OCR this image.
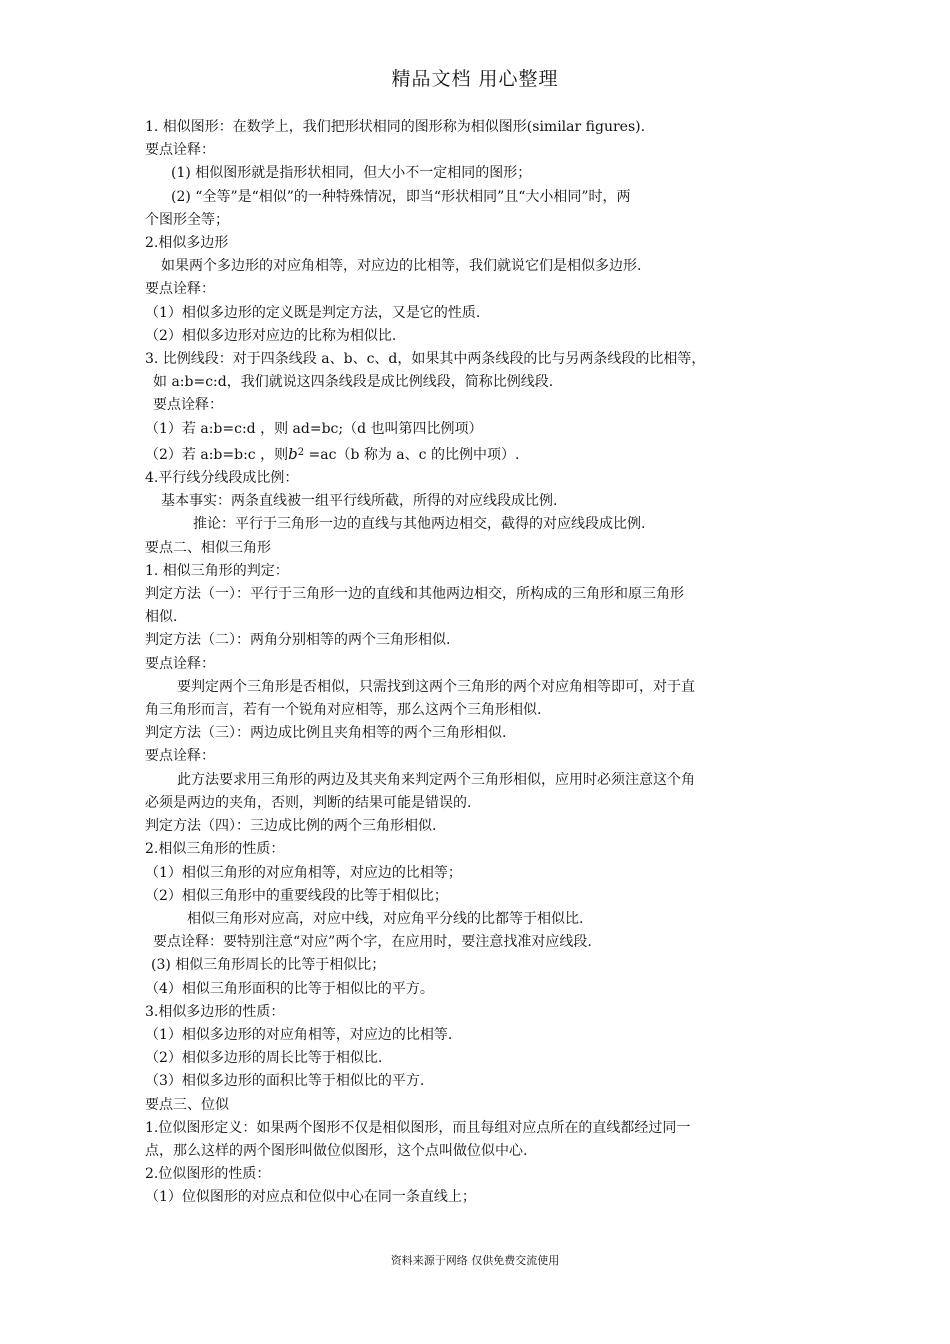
精品文档 用心整理

1. 相似图形：在数学上，我们把形状相同的图形称为相似图形(similar figures).

要点诠释：

(1) 相似图形就是指形状相同，但大小不一定相同的图形；

(2) “全等”是“相似”的一种特殊情况，即当“形状相同”且“大小相同”时，两

个图形全等；

2.相似多边形

如果两个多边形的对应角相等，对应边的比相等，我们就说它们是相似多边形.

要点诠释：

（1）相似多边形的定义既是判定方法，又是它的性质.

（2）相似多边形对应边的比称为相似比.

3. 比例线段：对于四条线段 a、b、c、d，如果其中两条线段的比与另两条线段的比相等，

如 a:b=c:d，我们就说这四条线段是成比例线段，简称比例线段.

要点诠释：

（1）若 a:b=c:d ，则 ad=bc;（d 也叫第四比例项）

（2）若 a:b=b:c ，则$b^2 =ac(b$ 称为 a、c 的比例中项）.

4.平行线分线段成比例：

基本事实：两条直线被一组平行线所截，所得的对应线段成比例.

推论：平行于三角形一边的直线与其他两边相交，截得的对应线段成比例.

要点二、相似三角形

1. 相似三角形的判定：

判定方法（一）：平行于三角形一边的直线和其他两边相交，所构成的三角形和原三角形

相似.

判定方法（二）：两角分别相等的两个三角形相似.

要点诠释：

要判定两个三角形是否相似，只需找到这两个三角形的两个对应角相等即可，对于直

角三角形而言，若有一个锐角对应相等，那么这两个三角形相似.

判定方法（三）：两边成比例且夹角相等的两个三角形相似.

要点诠释：

此方法要求用三角形的两边及其夹角来判定两个三角形相似，应用时必须注意这个角

必须是两边的夹角，否则，判断的结果可能是错误的.

判定方法（四）：三边成比例的两个三角形相似.

2.相似三角形的性质：

（1）相似三角形的对应角相等，对应边的比相等；

（2）相似三角形中的重要线段的比等于相似比；

相似三角形对应高，对应中线，对应角平分线的比都等于相似比.

要点诠释：要特别注意“对应”两个字，在应用时，要注意找准对应线段.

(3) 相似三角形周长的比等于相似比；

（4）相似三角形面积的比等于相似比的平方。

3.相似多边形的性质：

（1）相似多边形的对应角相等，对应边的比相等.

（2）相似多边形的周长比等于相似比.

（3）相似多边形的面积比等于相似比的平方.

要点三、位似

1.位似图形定义：如果两个图形不仅是相似图形，而且每组对应点所在的直线都经过同一

点，那么这样的两个图形叫做位似图形，这个点叫做位似中心.

2.位似图形的性质：

（1）位似图形的对应点和位似中心在同一条直线上；

资料来源于网络 仅供免费交流使用
